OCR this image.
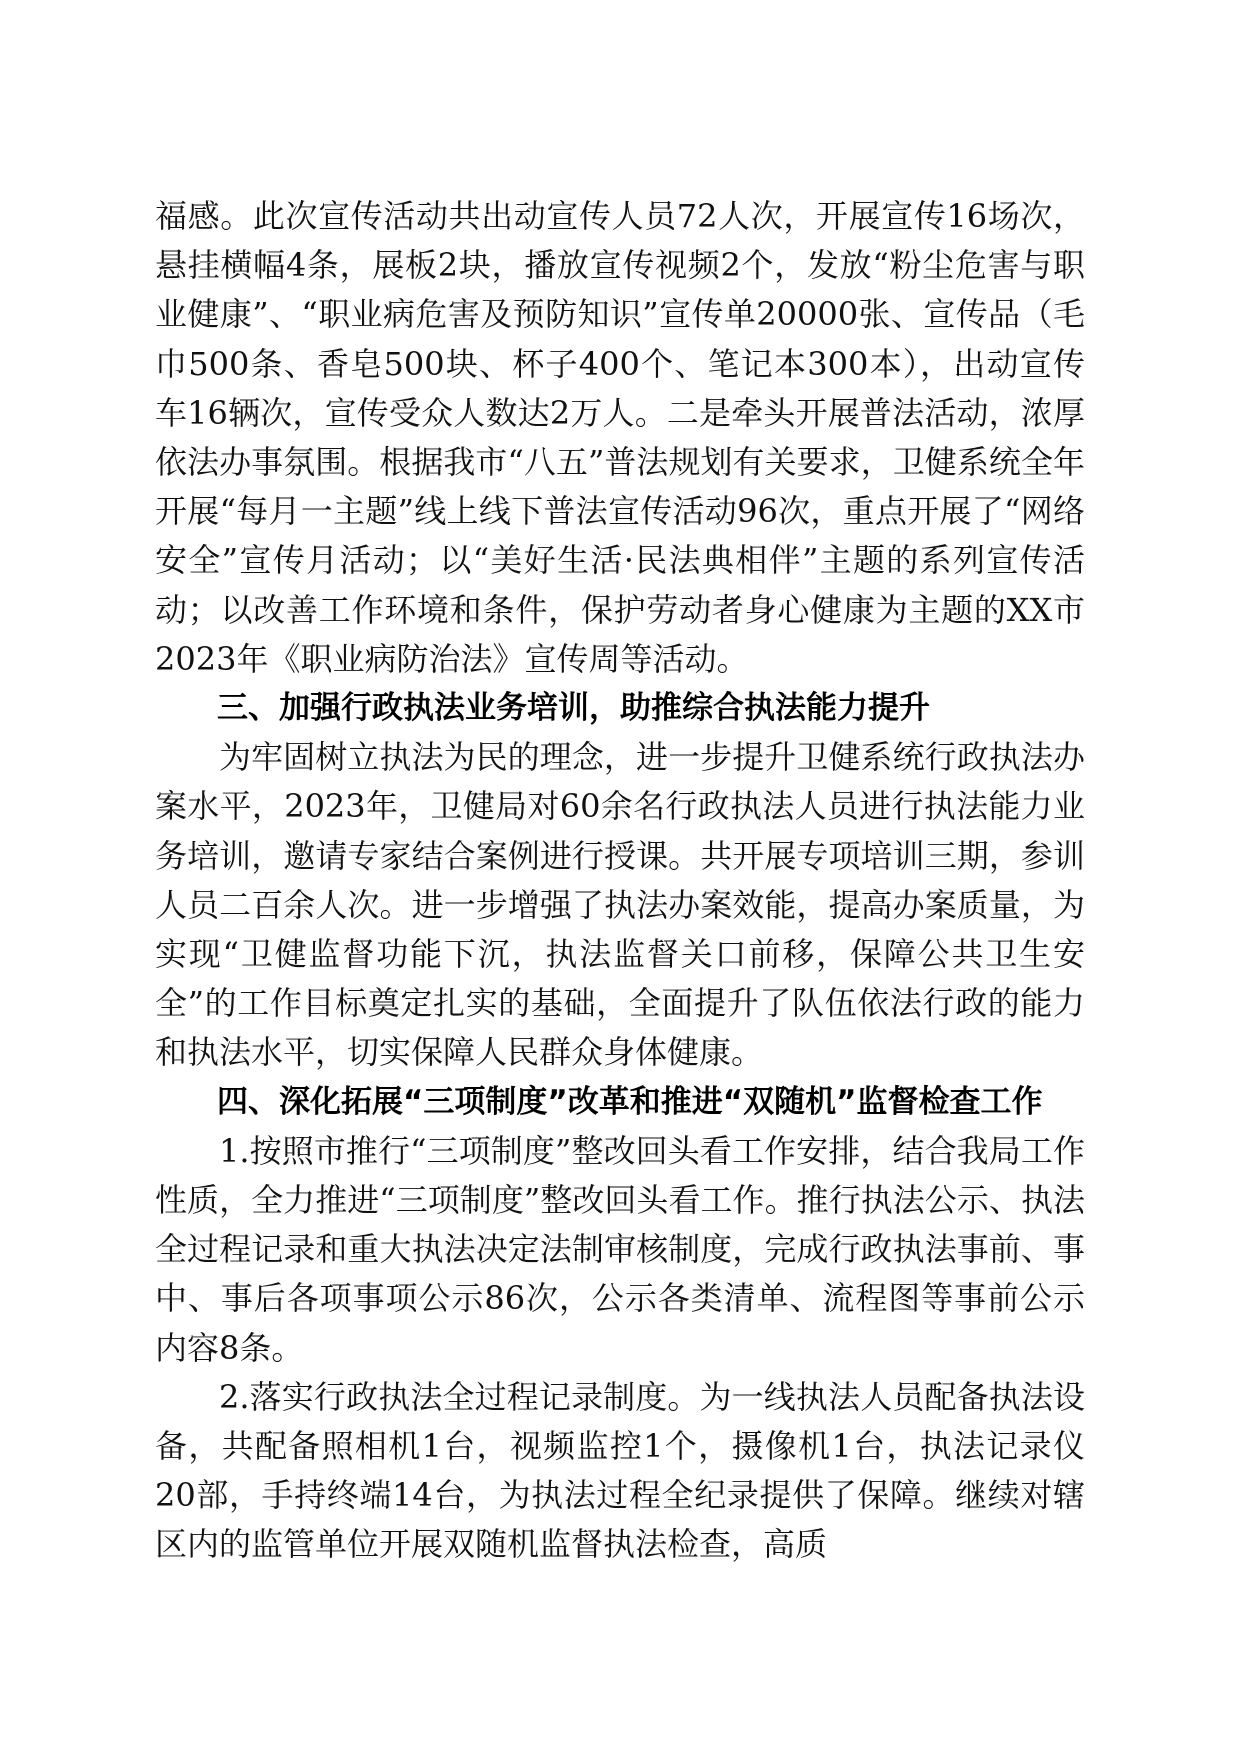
福感。此次宣传活动共出动宣传人员72人次，开展宣传16场次，悬挂横幅4条，展板2块，播放宣传视频2个，发放“粉尘危害与职业健康”、“职业病危害及预防知识”宣传单20000张、宣传品（毛巾500条、香皂500块、杯子400个、笔记本300本），出动宣传车16辆次，宣传受众人数达2万人。二是牵头开展普法活动，浓厚依法办事氛围。根据我市“八五”普法规划有关要求，卫健系统全年开展“每月一主题”线上线下普法宣传活动96次，重点开展了“网络安全”宣传月活动；以“美好生活·民法典相伴”主题的系列宣传活动；以改善工作环境和条件，保护劳动者身心健康为主题的XX市2023年《职业病防治法》宣传周等活动。

三、加强行政执法业务培训，助推综合执法能力提升

为牢固树立执法为民的理念，进一步提升卫健系统行政执法办案水平，2023年，卫健局对60余名行政执法人员进行执法能力业务培训，邀请专家结合案例进行授课。共开展专项培训三期，参训人员二百余人次。进一步增强了执法办案效能，提高办案质量，为实现“卫健监督功能下沉，执法监督关口前移，保障公共卫生安全”的工作目标奠定扎实的基础，全面提升了队伍依法行政的能力和执法水平，切实保障人民群众身体健康。

四、深化拓展“三项制度”改革和推进“双随机”监督检查工作

1.按照市推行“三项制度”整改回头看工作安排，结合我局工作性质，全力推进“三项制度”整改回头看工作。推行执法公示、执法全过程记录和重大执法决定法制审核制度，完成行政执法事前、事中、事后各项事项公示86次，公示各类清单、流程图等事前公示内容8条。

2.落实行政执法全过程记录制度。为一线执法人员配备执法设备，共配备照相机1台，视频监控1个，摄像机1台，执法记录仪20部，手持终端14台，为执法过程全纪录提供了保障。继续对辖区内的监管单位开展双随机监督执法检查，高质
